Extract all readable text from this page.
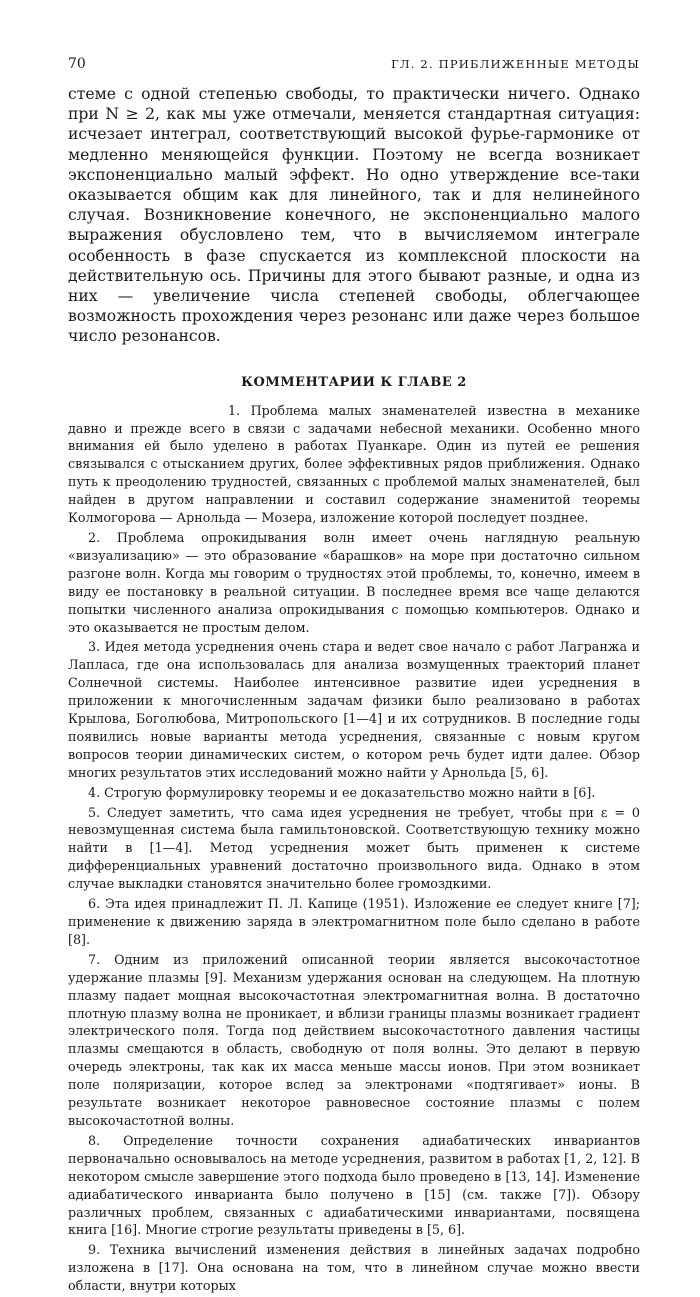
70	ГЛ. 2. ПРИБЛИЖЕННЫЕ МЕТОДЫ

стеме с одной степенью свободы, то практически ничего. Однако при N ≥ 2, как мы уже отмечали, меняется стандартная ситуация: исчезает интеграл, соответствующий высокой фурье-гармонике от медленно меняющейся функции. Поэтому не всегда возникает экспоненциально малый эффект. Но одно утверждение все-таки оказывается общим как для линейного, так и для нелинейного случая. Возникновение конечного, не экспоненциально малого выражения обусловлено тем, что в вычисляемом интеграле особенность в фазе спускается из комплексной плоскости на действительную ось. Причины для этого бывают разные, и одна из них — увеличение числа степеней свободы, облегчающее возможность прохождения через резонанс или даже через большое число резонансов.

КОММЕНТАРИИ К ГЛАВЕ 2

1. Проблема малых знаменателей известна в механике давно и прежде всего в связи с задачами небесной механики. Особенно много внимания ей было уделено в работах Пуанкаре. Один из путей ее решения связывался с отысканием других, более эффективных рядов приближения. Однако путь к преодолению трудностей, связанных с проблемой малых знаменателей, был найден в другом направлении и составил содержание знаменитой теоремы Колмогорова — Арнольда — Мозера, изложение которой последует позднее.

2. Проблема опрокидывания волн имеет очень наглядную реальную «визуализацию» — это образование «барашков» на море при достаточно сильном разгоне волн. Когда мы говорим о трудностях этой проблемы, то, конечно, имеем в виду ее постановку в реальной ситуации. В последнее время все чаще делаются попытки численного анализа опрокидывания с помощью компьютеров. Однако и это оказывается не простым делом.

3. Идея метода усреднения очень стара и ведет свое начало с работ Лагранжа и Лапласа, где она использовалась для анализа возмущенных траекторий планет Солнечной системы. Наиболее интенсивное развитие идеи усреднения в приложении к многочисленным задачам физики было реализовано в работах Крылова, Боголюбова, Митропольского [1—4] и их сотрудников. В последние годы появились новые варианты метода усреднения, связанные с новым кругом вопросов теории динамических систем, о котором речь будет идти далее. Обзор многих результатов этих исследований можно найти у Арнольда [5, 6].

4. Строгую формулировку теоремы и ее доказательство можно найти в [6].

5. Следует заметить, что сама идея усреднения не требует, чтобы при ε = 0 невозмущенная система была гамильтоновской. Соответствующую технику можно найти в [1—4]. Метод усреднения может быть применен к системе дифференциальных уравнений достаточно произвольного вида. Однако в этом случае выкладки становятся значительно более громоздкими.

6. Эта идея принадлежит П. Л. Капице (1951). Изложение ее следует книге [7]; применение к движению заряда в электромагнитном поле было сделано в работе [8].

7. Одним из приложений описанной теории является высокочастотное удержание плазмы [9]. Механизм удержания основан на следующем. На плотную плазму падает мощная высокочастотная электромагнитная волна. В достаточно плотную плазму волна не проникает, и вблизи границы плазмы возникает градиент электрического поля. Тогда под действием высокочастотного давления частицы плазмы смещаются в область, свободную от поля волны. Это делают в первую очередь электроны, так как их масса меньше массы ионов. При этом возникает поле поляризации, которое вслед за электронами «подтягивает» ионы. В результате возникает некоторое равновесное состояние плазмы с полем высокочастотной волны.

8. Определение точности сохранения адиабатических инвариантов первоначально основывалось на методе усреднения, развитом в работах [1, 2, 12]. В некотором смысле завершение этого подхода было проведено в [13, 14]. Изменение адиабатического инварианта было получено в [15] (см. также [7]). Обзору различных проблем, связанных с адиабатическими инвариантами, посвящена книга [16]. Многие строгие результаты приведены в [5, 6].

9. Техника вычислений изменения действия в линейных задачах подробно изложена в [17]. Она основана на том, что в линейном случае можно ввести области, внутри которых
